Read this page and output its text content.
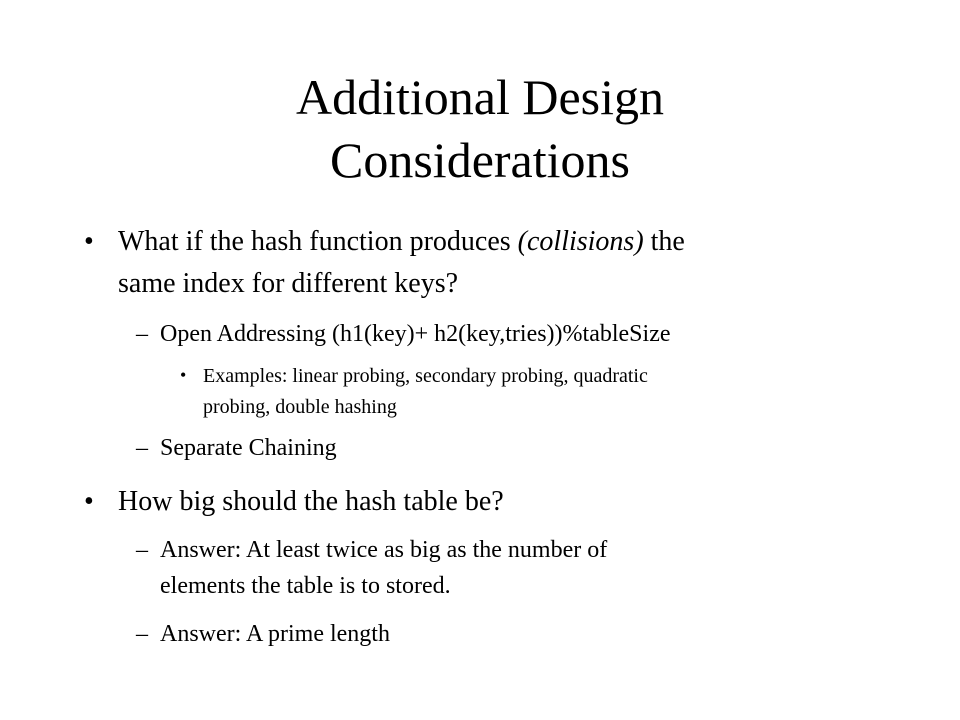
Additional Design
Considerations
• What if the hash function produces (collisions) the
same index for different keys?
– Open Addressing (h1(key)+ h2(key,tries))%tableSize
• Examples: linear probing, secondary probing, quadratic
probing, double hashing
– Separate Chaining
• How big should the hash table be?
– Answer: At least twice as big as the number of
elements the table is to stored.
– Answer: A prime length
